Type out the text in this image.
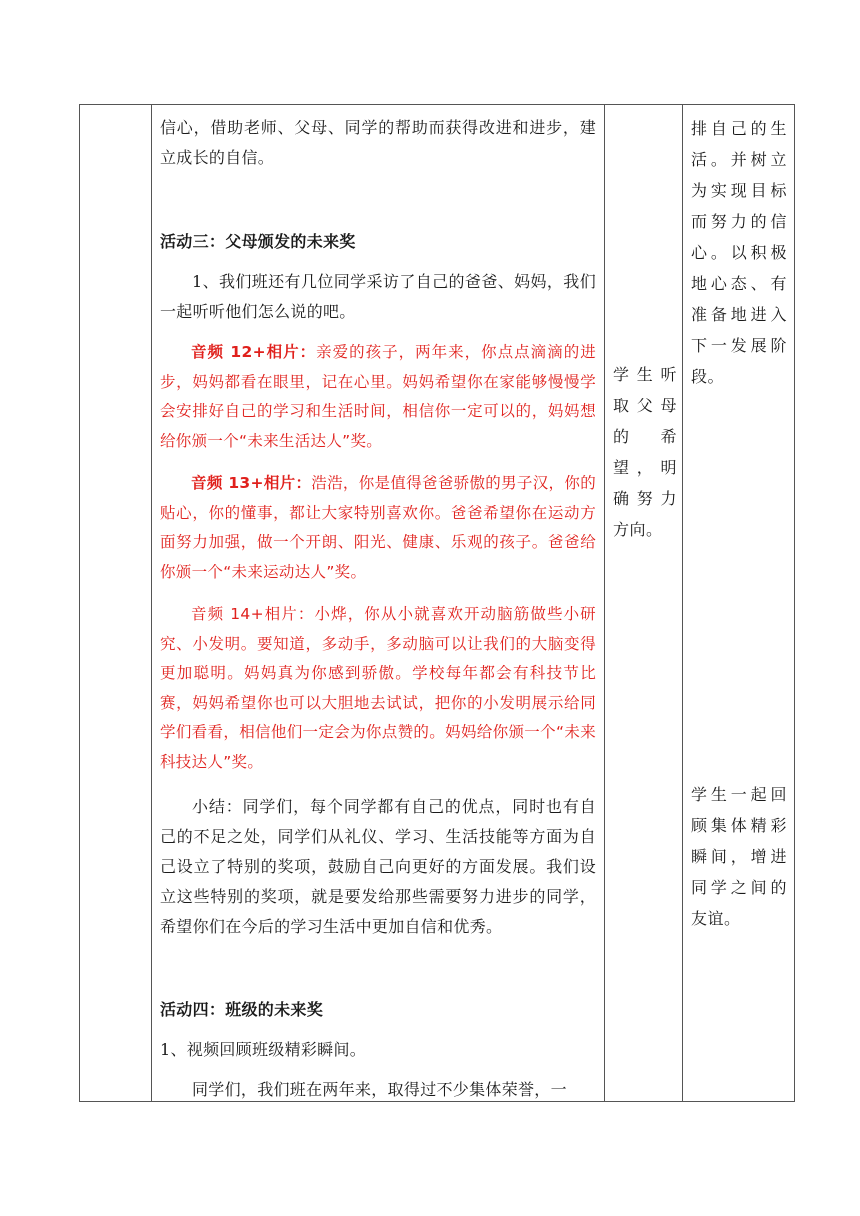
信心，借助老师、父母、同学的帮助而获得改进和进步，建立成长的自信。
活动三：父母颁发的未来奖
1、我们班还有几位同学采访了自己的爸爸、妈妈，我们一起听听他们怎么说的吧。
音频 12+相片：亲爱的孩子，两年来，你点点滴滴的进步，妈妈都看在眼里，记在心里。妈妈希望你在家能够慢慢学会安排好自己的学习和生活时间，相信你一定可以的，妈妈想给你颁一个“未来生活达人”奖。
音频 13+相片：浩浩，你是值得爸爸骄傲的男子汉，你的贴心，你的懂事，都让大家特别喜欢你。爸爸希望你在运动方面努力加强，做一个开朗、阳光、健康、乐观的孩子。爸爸给你颁一个“未来运动达人”奖。
音频 14+相片：小烨，你从小就喜欢开动脑筋做些小研究、小发明。要知道，多动手，多动脑可以让我们的大脑变得更加聪明。妈妈真为你感到骄傲。学校每年都会有科技节比赛，妈妈希望你也可以大胆地去试试，把你的小发明展示给同学们看看，相信他们一定会为你点赞的。妈妈给你颁一个“未来科技达人”奖。
小结：同学们，每个同学都有自己的优点，同时也有自己的不足之处，同学们从礼仪、学习、生活技能等方面为自己设立了特别的奖项，鼓励自己向更好的方面发展。我们设立这些特别的奖项，就是要发给那些需要努力进步的同学，希望你们在今后的学习生活中更加自信和优秀。
活动四：班级的未来奖
1、视频回顾班级精彩瞬间。
同学们，我们班在两年来，取得过不少集体荣誉，一
学生听取父母的希望，明确努力方向。
排自己的生活。并树立为实现目标而努力的信心。以积极地心态、有准备地进入下一发展阶段。
学生一起回顾集体精彩瞬间，增进同学之间的友谊。
